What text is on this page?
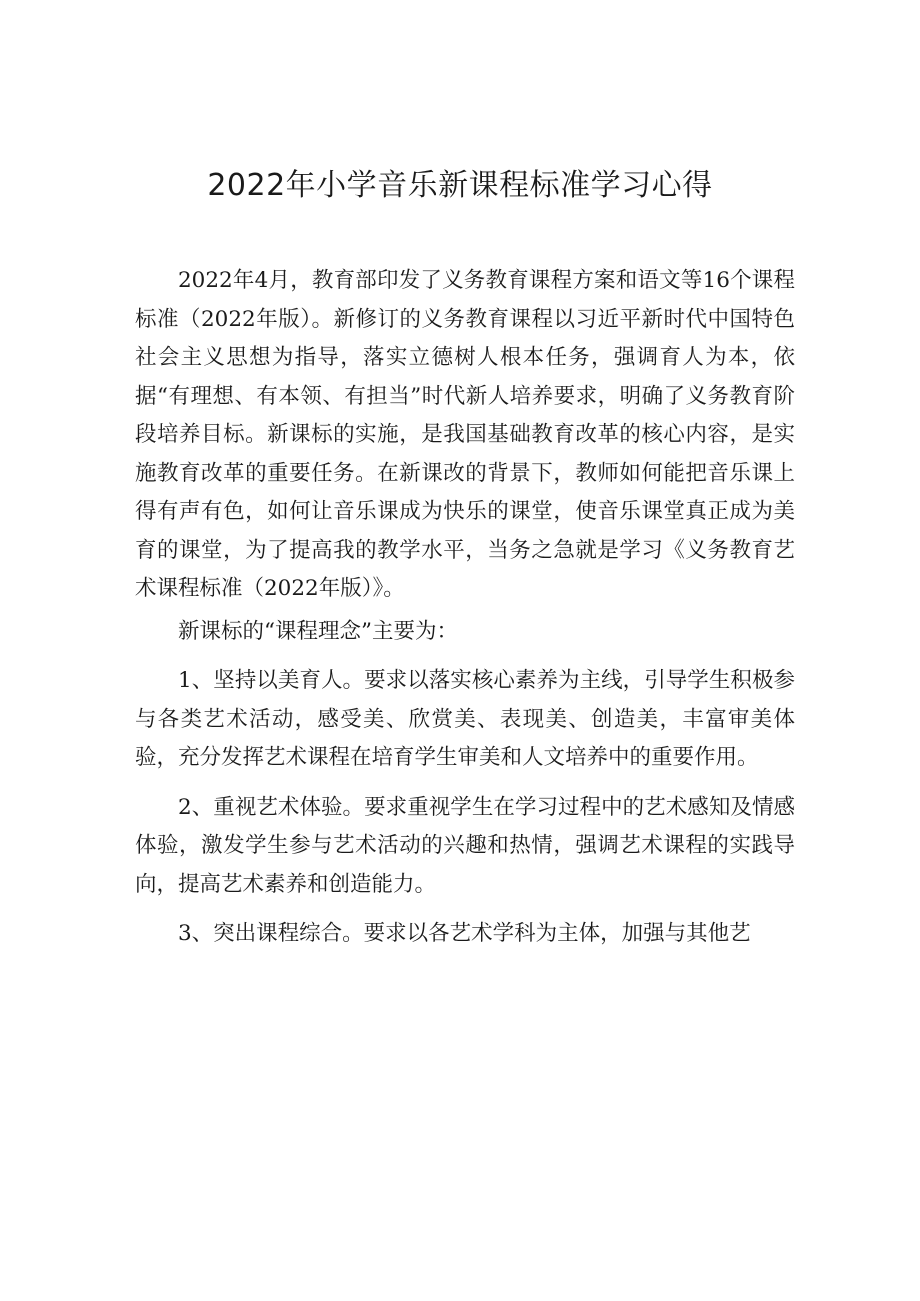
2022年小学音乐新课程标准学习心得

2022年4月，教育部印发了义务教育课程方案和语文等16个课程标准（2022年版）。新修订的义务教育课程以习近平新时代中国特色社会主义思想为指导，落实立德树人根本任务，强调育人为本，依据“有理想、有本领、有担当”时代新人培养要求，明确了义务教育阶段培养目标。新课标的实施，是我国基础教育改革的核心内容，是实施教育改革的重要任务。在新课改的背景下，教师如何能把音乐课上得有声有色，如何让音乐课成为快乐的课堂，使音乐课堂真正成为美育的课堂，为了提高我的教学水平，当务之急就是学习《义务教育艺术课程标准（2022年版）》。

新课标的“课程理念”主要为：

1、坚持以美育人。要求以落实核心素养为主线，引导学生积极参与各类艺术活动，感受美、欣赏美、表现美、创造美，丰富审美体验，充分发挥艺术课程在培育学生审美和人文培养中的重要作用。

2、重视艺术体验。要求重视学生在学习过程中的艺术感知及情感体验，激发学生参与艺术活动的兴趣和热情，强调艺术课程的实践导向，提高艺术素养和创造能力。

3、突出课程综合。要求以各艺术学科为主体，加强与其他艺
